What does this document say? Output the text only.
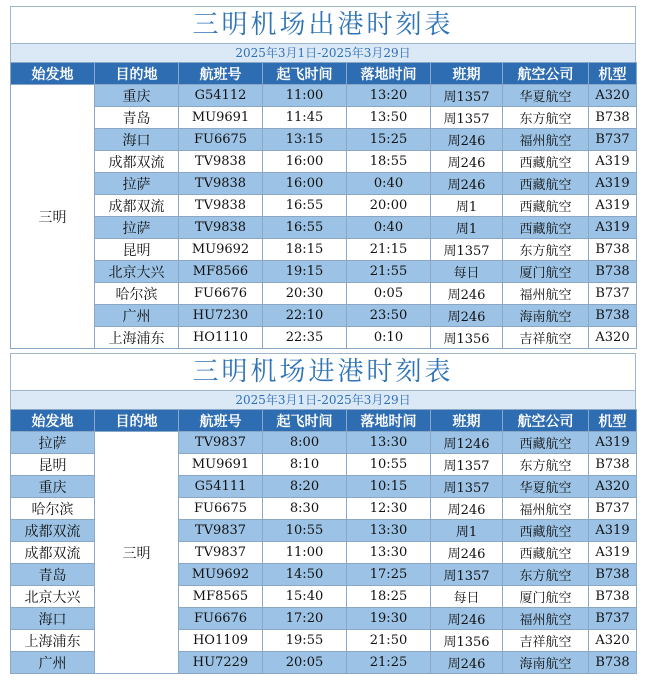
三明机场出港时刻表
2025年3月1日-2025年3月29日
始发地	目的地	航班号	起飞时间	落地时间	班期	航空公司	机型
三明	重庆	G54112	11:00	13:20	周1357	华夏航空	A320
	青岛	MU9691	11:45	13:50	周1357	东方航空	B738
	海口	FU6675	13:15	15:25	周246	福州航空	B737
	成都双流	TV9838	16:00	18:55	周246	西藏航空	A319
	拉萨	TV9838	16:00	0:40	周246	西藏航空	A319
	成都双流	TV9838	16:55	20:00	周1	西藏航空	A319
	拉萨	TV9838	16:55	0:40	周1	西藏航空	A319
	昆明	MU9692	18:15	21:15	周1357	东方航空	B738
	北京大兴	MF8566	19:15	21:55	每日	厦门航空	B738
	哈尔滨	FU6676	20:30	0:05	周246	福州航空	B737
	广州	HU7230	22:10	23:50	周246	海南航空	B738
	上海浦东	HO1110	22:35	0:10	周1356	吉祥航空	A320
三明机场进港时刻表
2025年3月1日-2025年3月29日
始发地	目的地	航班号	起飞时间	落地时间	班期	航空公司	机型
拉萨	三明	TV9837	8:00	13:30	周1246	西藏航空	A319
昆明		MU9691	8:10	10:55	周1357	东方航空	B738
重庆		G54111	8:20	10:15	周1357	华夏航空	A320
哈尔滨		FU6675	8:30	12:30	周246	福州航空	B737
成都双流		TV9837	10:55	13:30	周1	西藏航空	A319
成都双流		TV9837	11:00	13:30	周246	西藏航空	A319
青岛		MU9692	14:50	17:25	周1357	东方航空	B738
北京大兴		MF8565	15:40	18:25	每日	厦门航空	B738
海口		FU6676	17:20	19:30	周246	福州航空	B737
上海浦东		HO1109	19:55	21:50	周1356	吉祥航空	A320
广州		HU7229	20:05	21:25	周246	海南航空	B738
